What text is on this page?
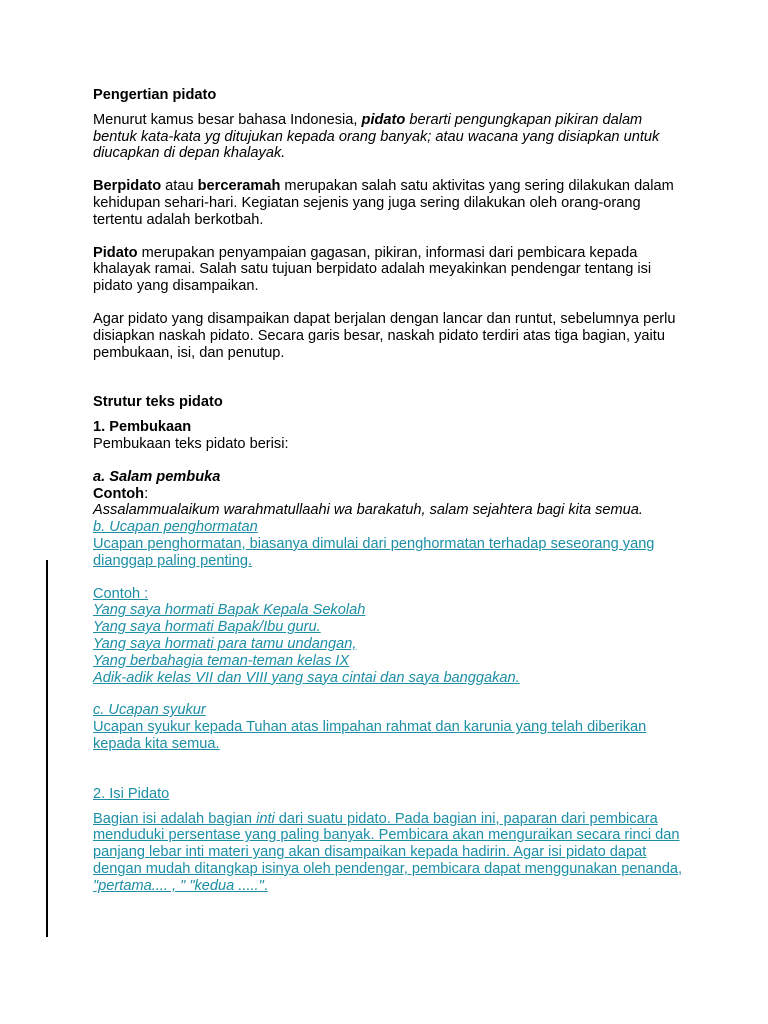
Pengertian pidato

Menurut kamus besar bahasa Indonesia, pidato berarti pengungkapan pikiran dalam bentuk kata-kata yg ditujukan kepada orang banyak; atau wacana yang disiapkan untuk diucapkan di depan khalayak.

Berpidato atau berceramah merupakan salah satu aktivitas yang sering dilakukan dalam kehidupan sehari-hari. Kegiatan sejenis yang juga sering dilakukan oleh orang-orang tertentu adalah berkotbah.

Pidato merupakan penyampaian gagasan, pikiran, informasi dari pembicara kepada khalayak ramai. Salah satu tujuan berpidato adalah meyakinkan pendengar tentang isi pidato yang disampaikan.

Agar pidato yang disampaikan dapat berjalan dengan lancar dan runtut, sebelumnya perlu disiapkan naskah pidato. Secara garis besar, naskah pidato terdiri atas tiga bagian, yaitu pembukaan, isi, dan penutup.

Strutur teks pidato

1. Pembukaan

Pembukaan teks pidato berisi:

a. Salam pembuka

Contoh:

Assalammualaikum warahmatullaahi wa barakatuh, salam sejahtera bagi kita semua.

b. Ucapan penghormatan

Ucapan penghormatan, biasanya dimulai dari penghormatan terhadap seseorang yang dianggap paling penting.

Contoh :

Yang saya hormati Bapak Kepala Sekolah

Yang saya hormati Bapak/Ibu guru.

Yang saya hormati para tamu undangan,

Yang berbahagia teman-teman kelas IX

Adik-adik kelas VII dan VIII yang saya cintai dan saya banggakan.

c. Ucapan syukur

Ucapan syukur kepada Tuhan atas limpahan rahmat dan karunia yang telah diberikan kepada kita semua.

2. Isi Pidato

Bagian isi adalah bagian inti dari suatu pidato. Pada bagian ini, paparan dari pembicara menduduki persentase yang paling banyak. Pembicara akan menguraikan secara rinci dan panjang lebar inti materi yang akan disampaikan kepada hadirin. Agar isi pidato dapat dengan mudah ditangkap isinya oleh pendengar, pembicara dapat menggunakan penanda, "pertama.... , " "kedua .....".
